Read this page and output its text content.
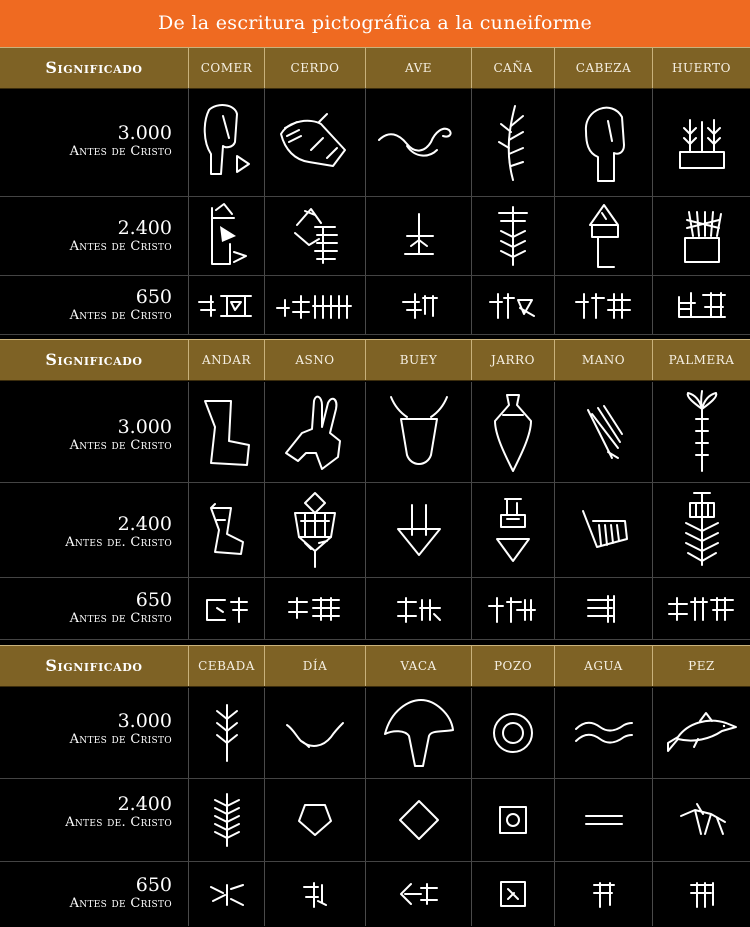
De la escritura pictográfica a la cuneiforme
Significado	COMER	CERDO	AVE	CAÑA	CABEZA	HUERTO
3.000
Antes de Cristo
2.400
Antes de Cristo
650
Antes de Cristo
Significado	ANDAR	ASNO	BUEY	JARRO	MANO	PALMERA
3.000
Antes de Cristo
2.400
Antes de. Cristo
650
Antes de Cristo
Significado	CEBADA	DÍA	VACA	POZO	AGUA	PEZ
3.000
Antes de Cristo
2.400
Antes de. Cristo
650
Antes de Cristo
